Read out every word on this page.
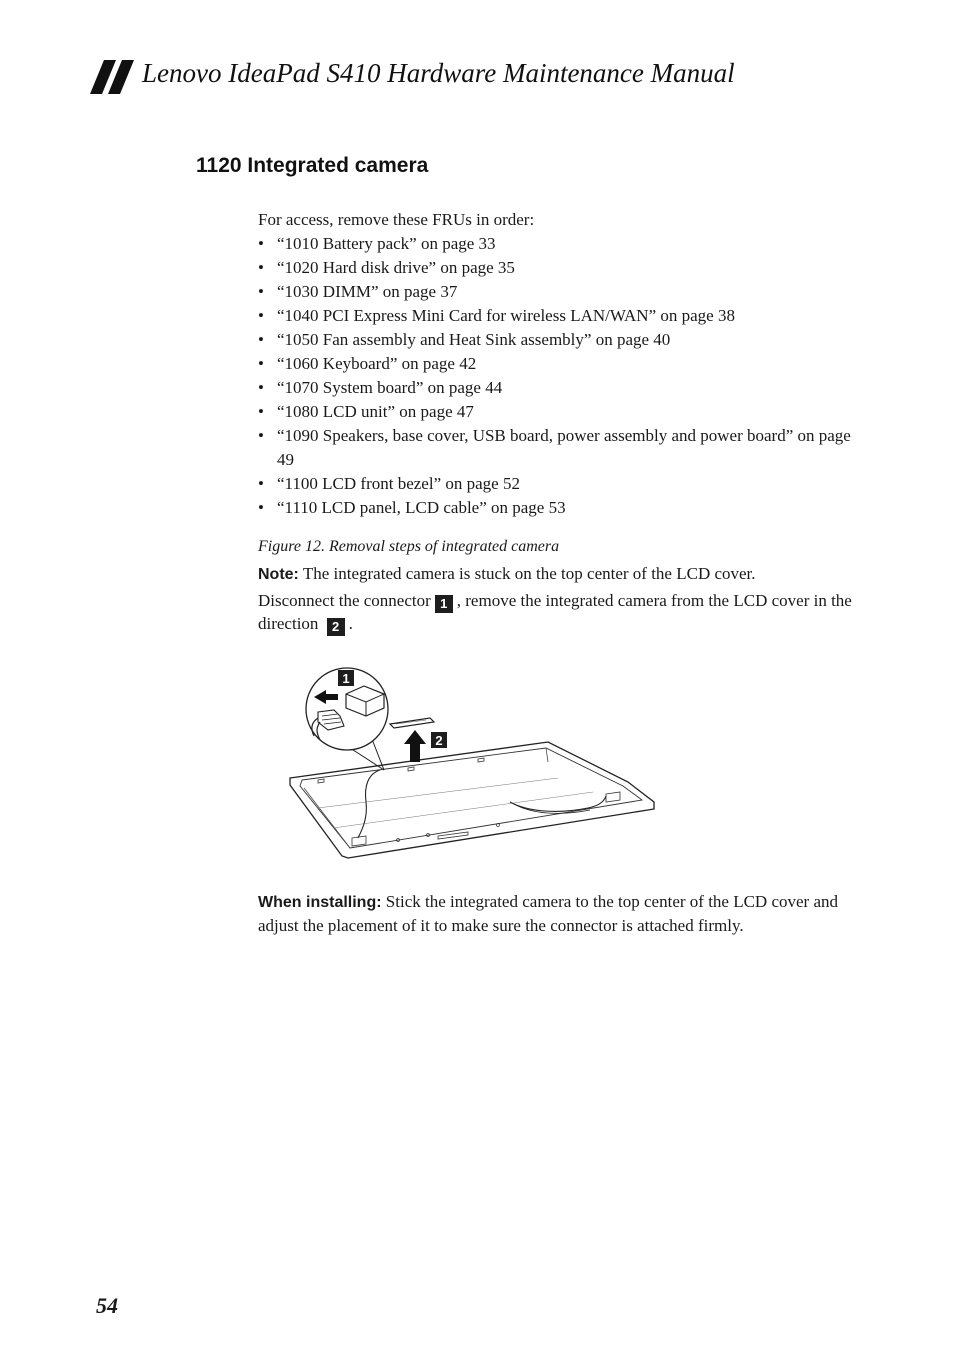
Lenovo IdeaPad S410 Hardware Maintenance Manual
1120 Integrated camera

For access, remove these FRUs in order:

• “1010 Battery pack” on page 33
• “1020 Hard disk drive” on page 35
• “1030 DIMM” on page 37
• “1040 PCI Express Mini Card for wireless LAN/WAN” on page 38
• “1050 Fan assembly and Heat Sink assembly” on page 40
• “1060 Keyboard” on page 42
• “1070 System board” on page 44
• “1080 LCD unit” on page 47
• “1090 Speakers, base cover, USB board, power assembly and power board” on page 49
• “1100 LCD front bezel” on page 52
• “1110 LCD panel, LCD cable” on page 53

Figure 12. Removal steps of integrated camera

Note: The integrated camera is stuck on the top center of the LCD cover.

Disconnect the connector 1 , remove the integrated camera from the LCD cover in the direction 2 .

1
2

When installing: Stick the integrated camera to the top center of the LCD cover and adjust the placement of it to make sure the connector is attached firmly.

54
